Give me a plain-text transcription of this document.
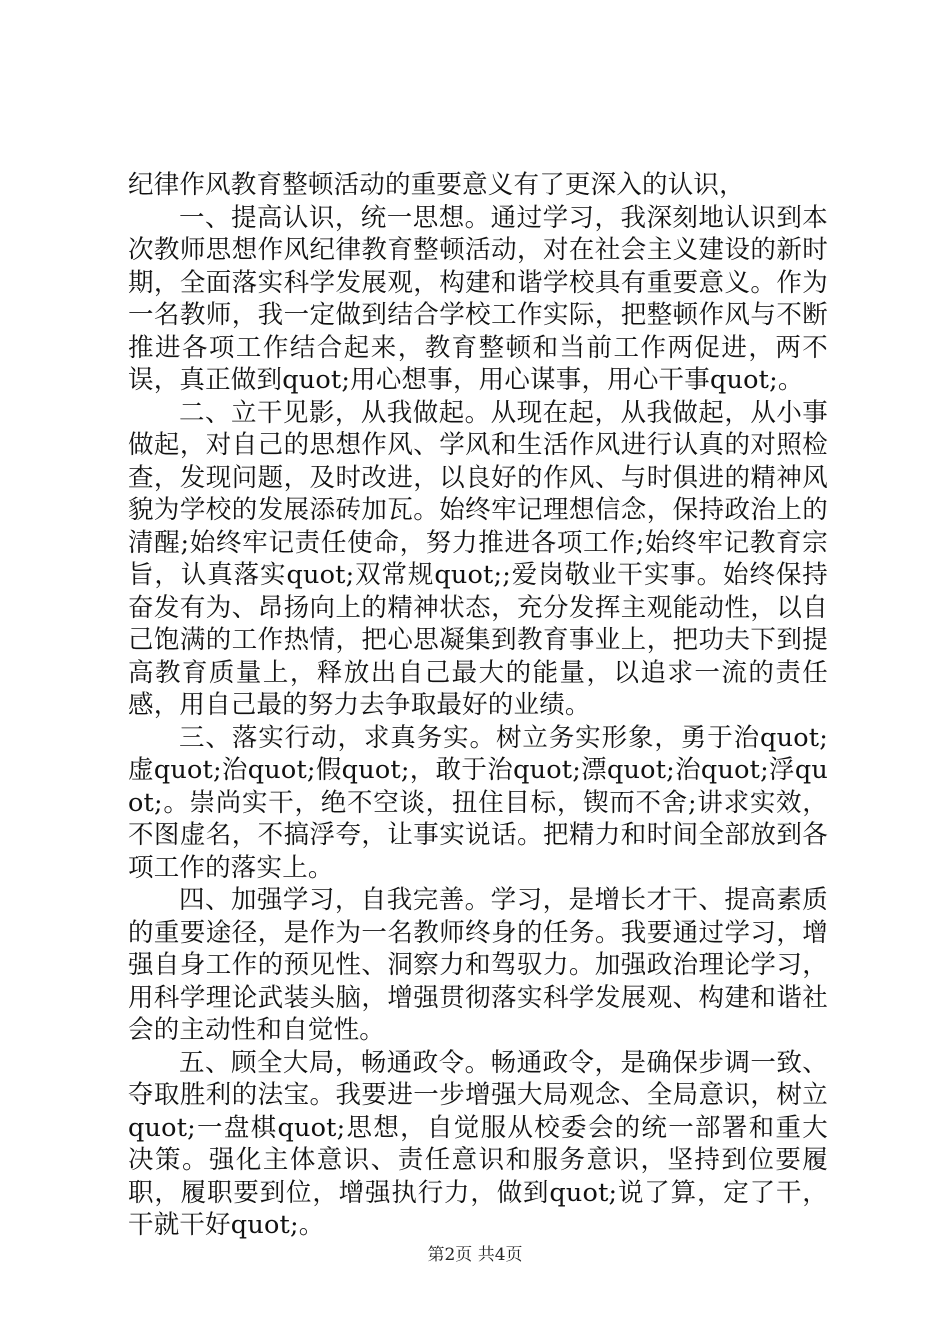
纪律作风教育整顿活动的重要意义有了更深入的认识，

一、提高认识，统一思想。通过学习，我深刻地认识到本次教师思想作风纪律教育整顿活动，对在社会主义建设的新时期，全面落实科学发展观，构建和谐学校具有重要意义。作为一名教师，我一定做到结合学校工作实际，把整顿作风与不断推进各项工作结合起来，教育整顿和当前工作两促进，两不误，真正做到quot;用心想事，用心谋事，用心干事quot;。

二、立干见影，从我做起。从现在起，从我做起，从小事做起，对自己的思想作风、学风和生活作风进行认真的对照检查，发现问题，及时改进，以良好的作风、与时俱进的精神风貌为学校的发展添砖加瓦。始终牢记理想信念，保持政治上的清醒;始终牢记责任使命，努力推进各项工作;始终牢记教育宗旨，认真落实quot;双常规quot;;爱岗敬业干实事。始终保持奋发有为、昂扬向上的精神状态，充分发挥主观能动性，以自己饱满的工作热情，把心思凝集到教育事业上，把功夫下到提高教育质量上，释放出自己最大的能量，以追求一流的责任感，用自己最的努力去争取最好的业绩。

三、落实行动，求真务实。树立务实形象，勇于治quot;虚quot;治quot;假quot;，敢于治quot;漂quot;治quot;浮quot;。崇尚实干，绝不空谈，扭住目标，锲而不舍;讲求实效，不图虚名，不搞浮夸，让事实说话。把精力和时间全部放到各项工作的落实上。

四、加强学习，自我完善。学习，是增长才干、提高素质的重要途径，是作为一名教师终身的任务。我要通过学习，增强自身工作的预见性、洞察力和驾驭力。加强政治理论学习，用科学理论武装头脑，增强贯彻落实科学发展观、构建和谐社会的主动性和自觉性。

五、顾全大局，畅通政令。畅通政令，是确保步调一致、夺取胜利的法宝。我要进一步增强大局观念、全局意识，树立quot;一盘棋quot;思想，自觉服从校委会的统一部署和重大决策。强化主体意识、责任意识和服务意识，坚持到位要履职，履职要到位，增强执行力，做到quot;说了算，定了干，干就干好quot;。

第2页 共4页
